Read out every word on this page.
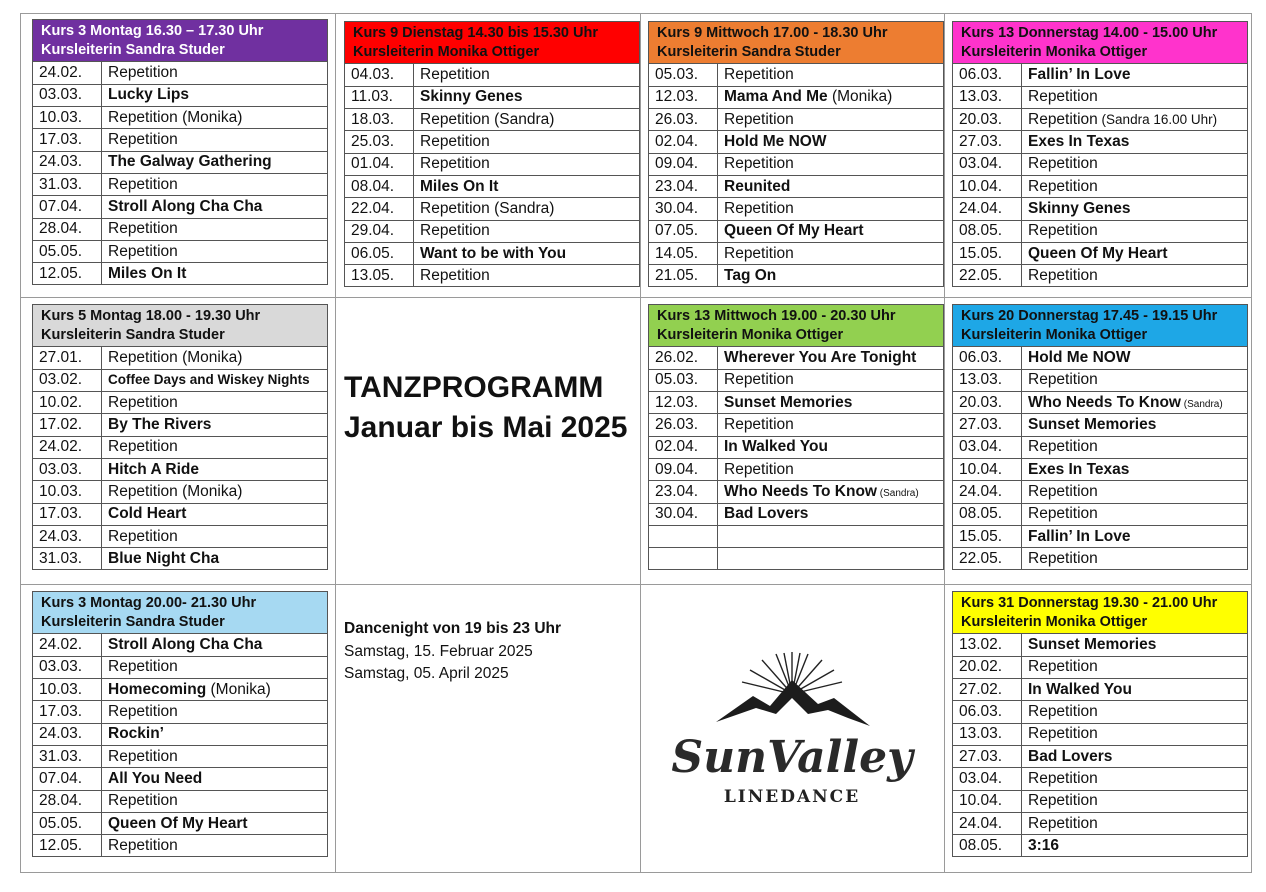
Kurs 3 Montag 16.30 – 17.30 Uhr
Kursleiterin Sandra Studer
24.02.	Repetition
03.03.	Lucky Lips
10.03.	Repetition (Monika)
17.03.	Repetition
24.03.	The Galway Gathering
31.03.	Repetition
07.04.	Stroll Along Cha Cha
28.04.	Repetition
05.05.	Repetition
12.05.	Miles On It
Kurs 9 Dienstag 14.30 bis 15.30 Uhr
Kursleiterin Monika Ottiger
04.03.	Repetition
11.03.	Skinny Genes
18.03.	Repetition (Sandra)
25.03.	Repetition
01.04.	Repetition
08.04.	Miles On It
22.04.	Repetition (Sandra)
29.04.	Repetition
06.05.	Want to be with You
13.05.	Repetition
Kurs 9 Mittwoch 17.00 - 18.30 Uhr
Kursleiterin Sandra Studer
05.03.	Repetition
12.03.	Mama And Me (Monika)
26.03.	Repetition
02.04.	Hold Me NOW
09.04.	Repetition
23.04.	Reunited
30.04.	Repetition
07.05.	Queen Of My Heart
14.05.	Repetition
21.05.	Tag On
Kurs 13 Donnerstag 14.00 - 15.00 Uhr
Kursleiterin Monika Ottiger
06.03.	Fallin’ In Love
13.03.	Repetition
20.03.	Repetition (Sandra 16.00 Uhr)
27.03.	Exes In Texas
03.04.	Repetition
10.04.	Repetition
24.04.	Skinny Genes
08.05.	Repetition
15.05.	Queen Of My Heart
22.05.	Repetition
Kurs 5 Montag 18.00 - 19.30 Uhr
Kursleiterin Sandra Studer
27.01.	Repetition (Monika)
03.02.	Coffee Days and Wiskey Nights
10.02.	Repetition
17.02.	By The Rivers
24.02.	Repetition
03.03.	Hitch A Ride
10.03.	Repetition (Monika)
17.03.	Cold Heart
24.03.	Repetition
31.03.	Blue Night Cha
Kurs 13 Mittwoch 19.00 - 20.30 Uhr
Kursleiterin Monika Ottiger
26.02.	Wherever You Are Tonight
05.03.	Repetition
12.03.	Sunset Memories
26.03.	Repetition
02.04.	In Walked You
09.04.	Repetition
23.04.	Who Needs To Know (Sandra)
30.04.	Bad Lovers

Kurs 20 Donnerstag 17.45 - 19.15 Uhr
Kursleiterin Monika Ottiger
06.03.	Hold Me NOW
13.03.	Repetition
20.03.	Who Needs To Know (Sandra)
27.03.	Sunset Memories
03.04.	Repetition
10.04.	Exes In Texas
24.04.	Repetition
08.05.	Repetition
15.05.	Fallin’ In Love
22.05.	Repetition
Kurs 3 Montag 20.00- 21.30 Uhr
Kursleiterin Sandra Studer
24.02.	Stroll Along Cha Cha
03.03.	Repetition
10.03.	Homecoming (Monika)
17.03.	Repetition
24.03.	Rockin’
31.03.	Repetition
07.04.	All You Need
28.04.	Repetition
05.05.	Queen Of My Heart
12.05.	Repetition
Kurs 31 Donnerstag 19.30 - 21.00 Uhr
Kursleiterin Monika Ottiger
13.02.	Sunset Memories
20.02.	Repetition
27.02.	In Walked You
06.03.	Repetition
13.03.	Repetition
27.03.	Bad Lovers
03.04.	Repetition
10.04.	Repetition
24.04.	Repetition
08.05.	3:16
TANZPROGRAMM
Januar bis Mai 2025
Dancenight von 19 bis 23 Uhr
Samstag, 15. Februar 2025
Samstag, 05. April 2025
SunValley
LINEDANCE
